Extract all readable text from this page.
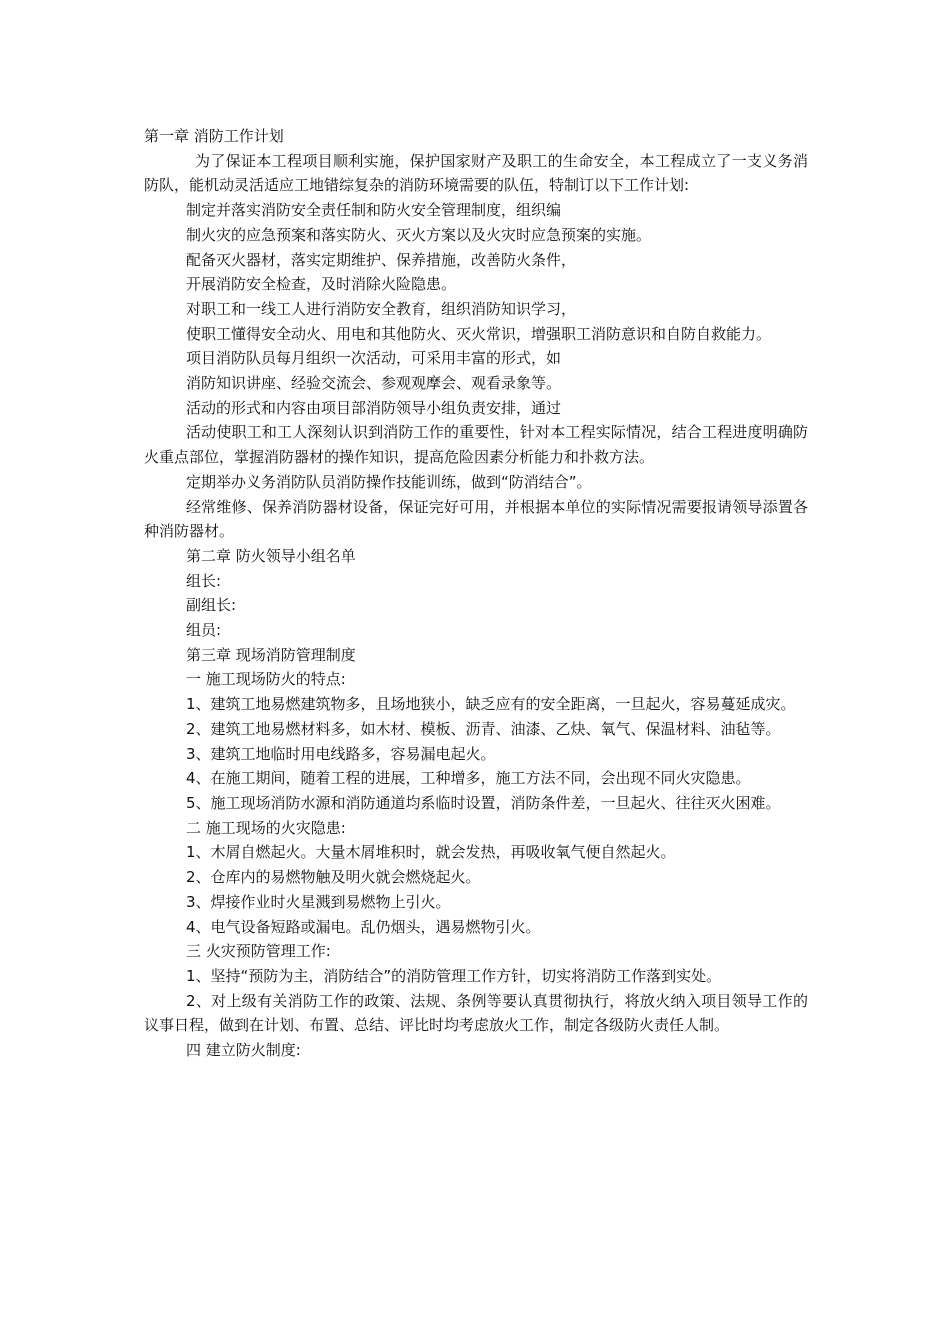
第一章 消防工作计划

为了保证本工程项目顺利实施，保护国家财产及职工的生命安全，本工程成立了一支义务消防队，能机动灵活适应工地错综复杂的消防环境需要的队伍，特制订以下工作计划:

制定并落实消防安全责任制和防火安全管理制度，组织编

制火灾的应急预案和落实防火、灭火方案以及火灾时应急预案的实施。

配备灭火器材，落实定期维护、保养措施，改善防火条件，

开展消防安全检查，及时消除火险隐患。

对职工和一线工人进行消防安全教育，组织消防知识学习，

使职工懂得安全动火、用电和其他防火、灭火常识，增强职工消防意识和自防自救能力。

项目消防队员每月组织一次活动，可采用丰富的形式，如

消防知识讲座、经验交流会、参观观摩会、观看录象等。

活动的形式和内容由项目部消防领导小组负责安排，通过

活动使职工和工人深刻认识到消防工作的重要性，针对本工程实际情况，结合工程进度明确防火重点部位，掌握消防器材的操作知识，提高危险因素分析能力和扑救方法。

定期举办义务消防队员消防操作技能训练，做到“防消结合”。

经常维修、保养消防器材设备，保证完好可用，并根据本单位的实际情况需要报请领导添置各种消防器材。

第二章 防火领导小组名单

组长:

副组长:

组员:

第三章 现场消防管理制度

一 施工现场防火的特点:

1、建筑工地易燃建筑物多，且场地狭小，缺乏应有的安全距离，一旦起火，容易蔓延成灾。

2、建筑工地易燃材料多，如木材、模板、沥青、油漆、乙炔、氧气、保温材料、油毡等。

3、建筑工地临时用电线路多，容易漏电起火。

4、在施工期间，随着工程的进展，工种增多，施工方法不同，会出现不同火灾隐患。

5、施工现场消防水源和消防通道均系临时设置，消防条件差，一旦起火、往往灭火困难。

二 施工现场的火灾隐患:

1、木屑自燃起火。大量木屑堆积时，就会发热，再吸收氧气便自然起火。

2、仓库内的易燃物触及明火就会燃烧起火。

3、焊接作业时火星溅到易燃物上引火。

4、电气设备短路或漏电。乱仍烟头，遇易燃物引火。

三 火灾预防管理工作:

1、坚持“预防为主，消防结合”的消防管理工作方针，切实将消防工作落到实处。

2、对上级有关消防工作的政策、法规、条例等要认真贯彻执行，将放火纳入项目领导工作的议事日程，做到在计划、布置、总结、评比时均考虑放火工作，制定各级防火责任人制。

四 建立防火制度:
